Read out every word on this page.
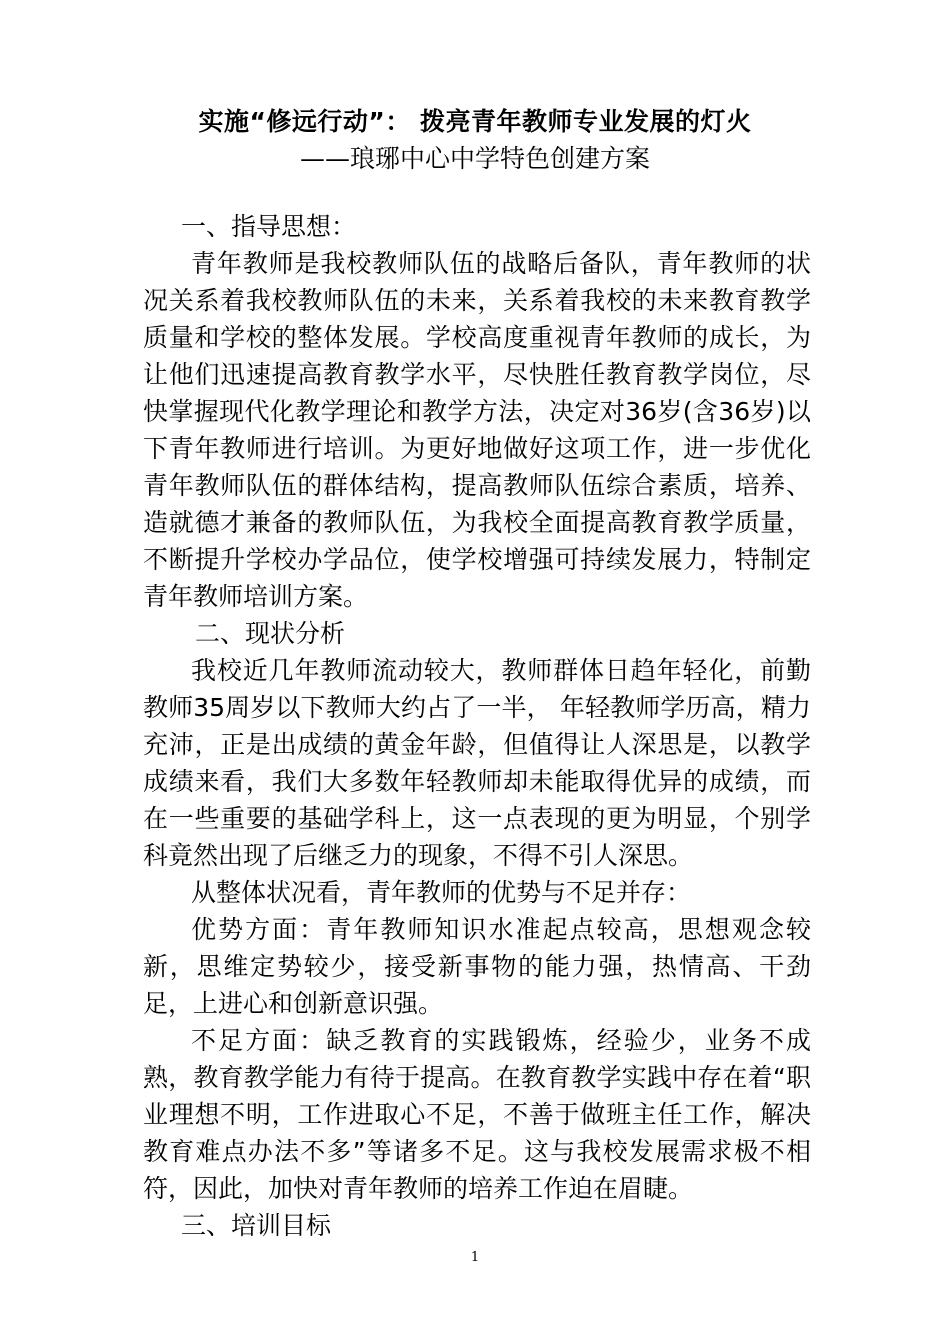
实施“修远行动”： 拨亮青年教师专业发展的灯火
——琅琊中心中学特色创建方案

一、指导思想：

青年教师是我校教师队伍的战略后备队，青年教师的状况关系着我校教师队伍的未来，关系着我校的未来教育教学质量和学校的整体发展。学校高度重视青年教师的成长，为让他们迅速提高教育教学水平，尽快胜任教育教学岗位，尽快掌握现代化教学理论和教学方法，决定对36岁(含36岁)以下青年教师进行培训。为更好地做好这项工作，进一步优化青年教师队伍的群体结构，提高教师队伍综合素质，培养、造就德才兼备的教师队伍，为我校全面提高教育教学质量，不断提升学校办学品位，使学校增强可持续发展力，特制定青年教师培训方案。

二、现状分析

我校近几年教师流动较大，教师群体日趋年轻化，前勤教师35周岁以下教师大约占了一半， 年轻教师学历高，精力充沛，正是出成绩的黄金年龄，但值得让人深思是，以教学成绩来看，我们大多数年轻教师却未能取得优异的成绩，而在一些重要的基础学科上，这一点表现的更为明显，个别学科竟然出现了后继乏力的现象，不得不引人深思。

从整体状况看，青年教师的优势与不足并存：

优势方面：青年教师知识水准起点较高，思想观念较新，思维定势较少，接受新事物的能力强，热情高、干劲足，上进心和创新意识强。

不足方面：缺乏教育的实践锻炼，经验少，业务不成熟，教育教学能力有待于提高。在教育教学实践中存在着“职业理想不明，工作进取心不足，不善于做班主任工作，解决教育难点办法不多”等诸多不足。这与我校发展需求极不相符，因此，加快对青年教师的培养工作迫在眉睫。

三、培训目标

1
